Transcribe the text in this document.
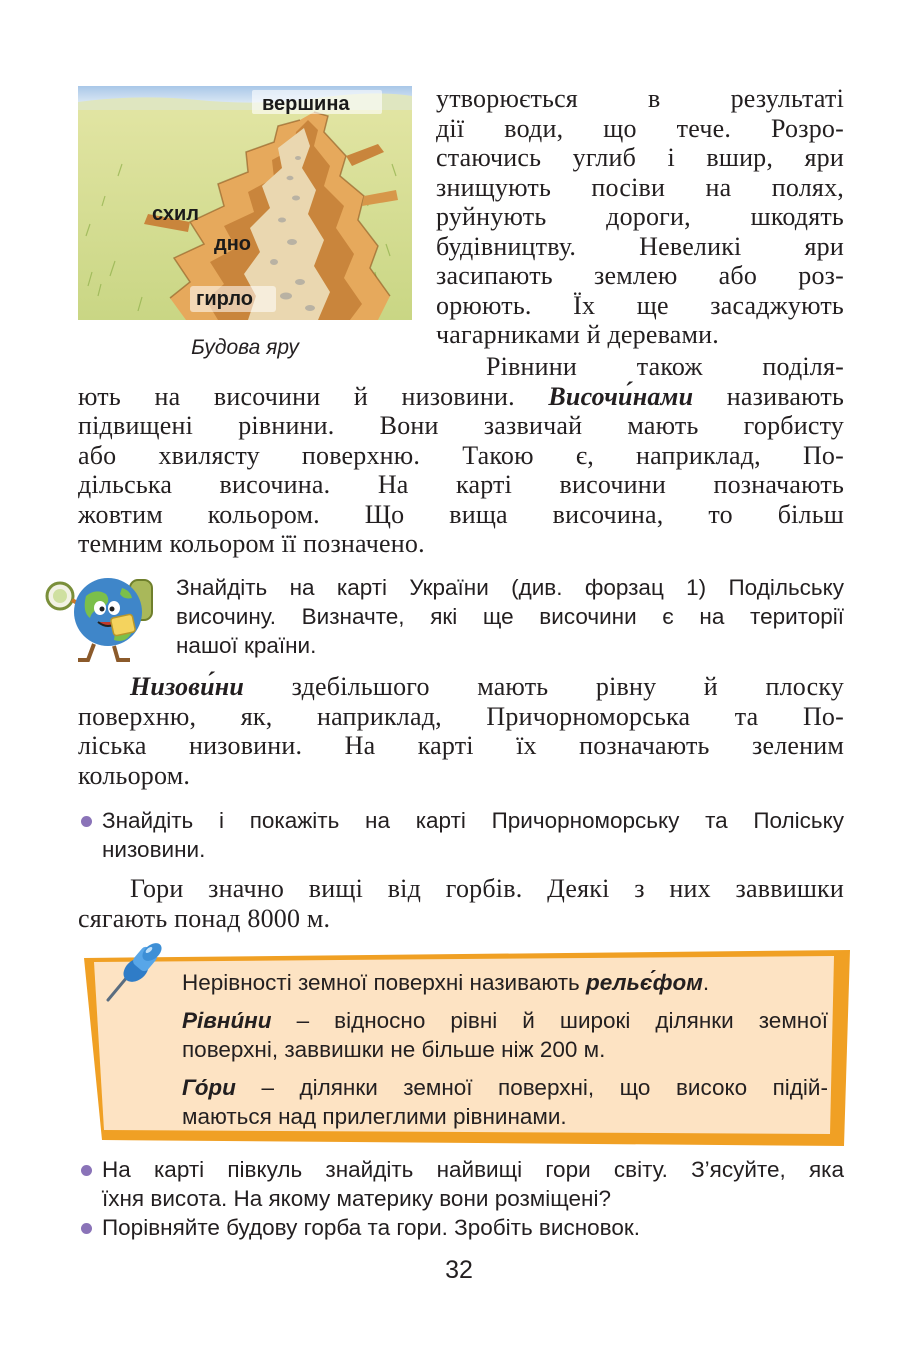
вершина
схил
дно
гирло
Будова яру
утворюється в результаті
дії води, що тече. Розро-
стаючись углиб і вшир, яри
знищують посіви на полях,
руйнують дороги, шкодять
будівництву. Невеликі яри
засипають землею або роз-
орюють. Їх ще засаджують
чагарниками й деревами.
Рівнини також поділя-
ють на височини й низовини. Височи́нами називають
підвищені рівнини. Вони зазвичай мають горбисту
або хвилясту поверхню. Такою є, наприклад, По-
дільська височина. На карті височини позначають
жовтим кольором. Що вища височина, то більш
темним кольором її позначено.
Знайдіть на карті України (див. форзац 1) Подільську
височину. Визначте, які ще височини є на території
нашої країни.
Низови́ни здебільшого мають рівну й плоску
поверхню, як, наприклад, Причорноморська та По-
ліська низовини. На карті їх позначають зеленим
кольором.
Знайдіть і покажіть на карті Причорноморську та Поліську
низовини.
Гори значно вищі від горбів. Деякі з них заввишки
сягають понад 8000 м.
Нерівності земної поверхні називають рельє́фом.
Рівни́ни – відносно рівні й широкі ділянки земної
поверхні, заввишки не більше ніж 200 м.
Го́ри – ділянки земної поверхні, що високо підій-
маються над прилеглими рівнинами.
На карті півкуль знайдіть найвищі гори світу. З’ясуйте, яка
їхня висота. На якому материку вони розміщені?
Порівняйте будову горба та гори. Зробіть висновок.
32
